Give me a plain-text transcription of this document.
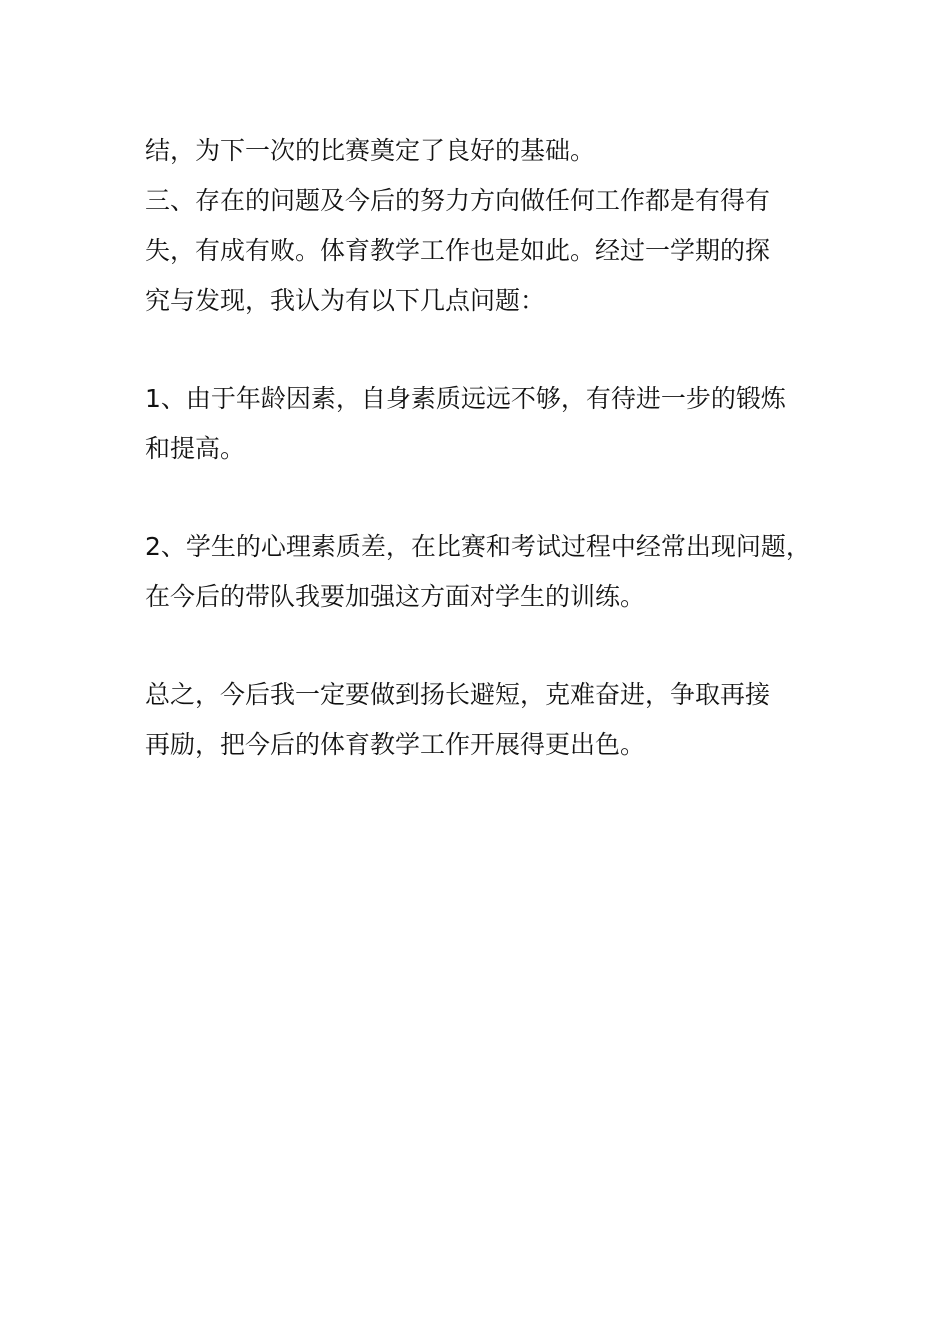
结，为下一次的比赛奠定了良好的基础。
三、存在的问题及今后的努力方向做任何工作都是有得有
失，有成有败。体育教学工作也是如此。经过一学期的探
究与发现，我认为有以下几点问题：
1、由于年龄因素，自身素质远远不够，有待进一步的锻炼
和提高。
2、学生的心理素质差，在比赛和考试过程中经常出现问题，
在今后的带队我要加强这方面对学生的训练。
总之，今后我一定要做到扬长避短，克难奋进，争取再接
再励，把今后的体育教学工作开展得更出色。
